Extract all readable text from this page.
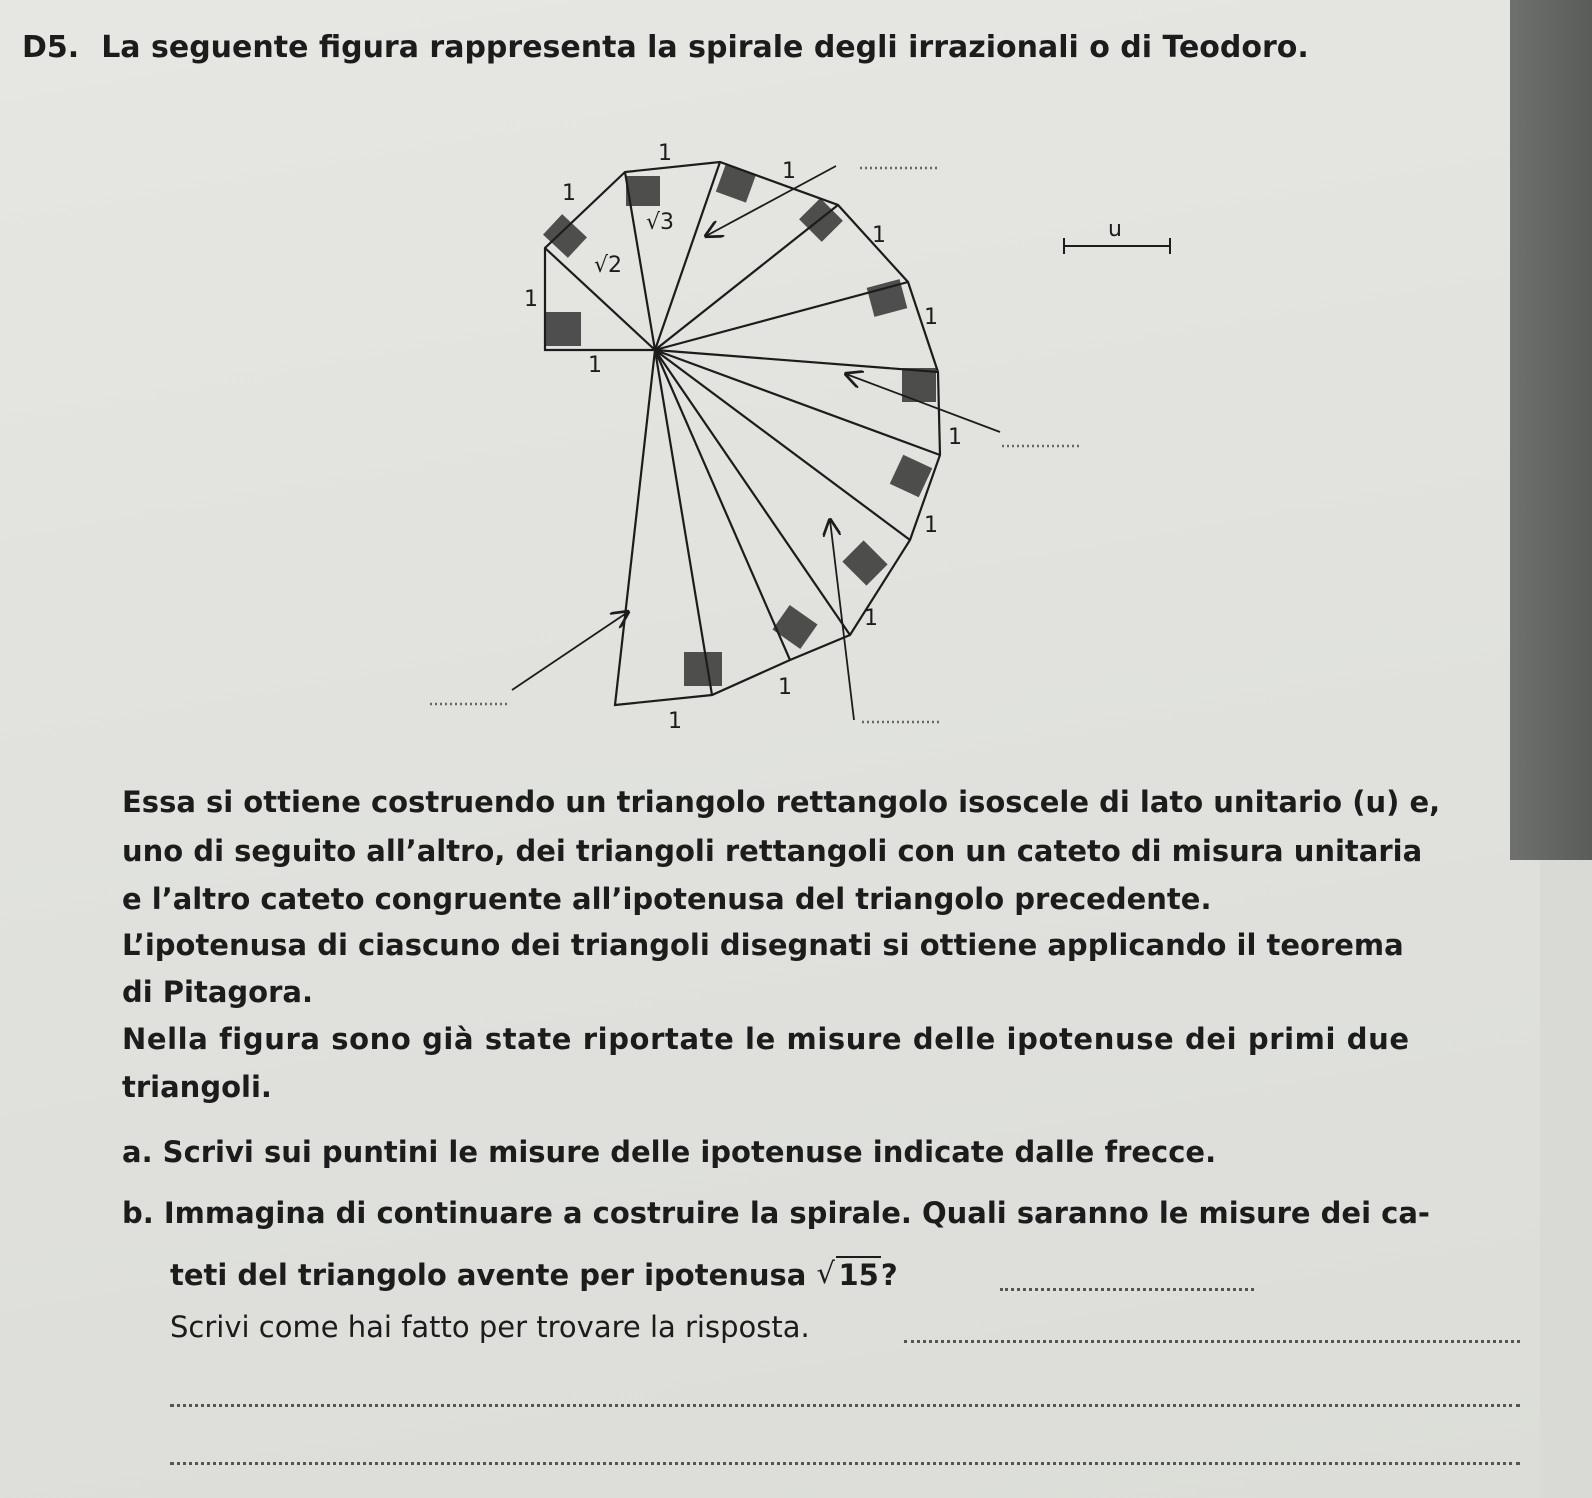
D5. La seguente figura rappresenta la spirale degli irrazionali o di Teodoro.
1
1
1
1
1
1
1
1
1
1
1
1
√2
√3	u
Essa si ottiene costruendo un triangolo rettangolo isoscele di lato unitario (u) e,
uno di seguito all’altro, dei triangoli rettangoli con un cateto di misura unitaria
e l’altro cateto congruente all’ipotenusa del triangolo precedente.
L’ipotenusa di ciascuno dei triangoli disegnati si ottiene applicando il teorema
di Pitagora.
Nella figura sono già state riportate le misure delle ipotenuse dei primi due
triangoli.
a. Scrivi sui puntini le misure delle ipotenuse indicate dalle frecce.
b. Immagina di continuare a costruire la spirale. Quali saranno le misure dei ca-
teti del triangolo avente per ipotenusa √ 15?
Scrivi come hai fatto per trovare la risposta.
